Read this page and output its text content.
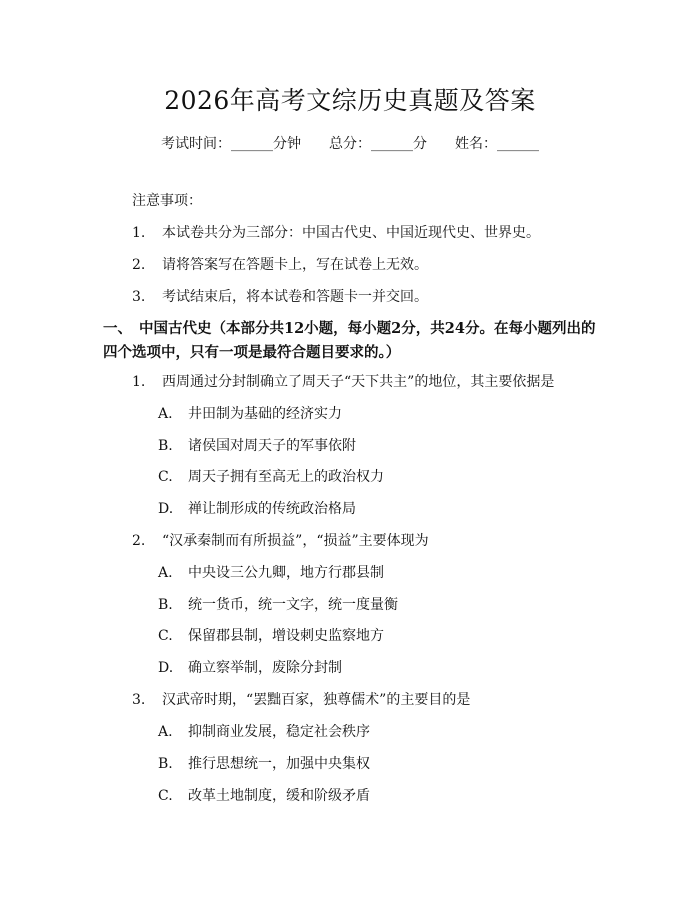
2026年高考文综历史真题及答案
考试时间：______分钟 总分：______分 姓名：______
注意事项：
1. 本试卷共分为三部分：中国古代史、中国近现代史、世界史。
2. 请将答案写在答题卡上，写在试卷上无效。
3. 考试结束后，将本试卷和答题卡一并交回。
一、 中国古代史（本部分共12小题，每小题2分，共24分。在每小题列出的四个选项中，只有一项是最符合题目要求的。）
1. 西周通过分封制确立了周天子“天下共主”的地位，其主要依据是
A. 井田制为基础的经济实力
B. 诸侯国对周天子的军事依附
C. 周天子拥有至高无上的政治权力
D. 禅让制形成的传统政治格局
2. “汉承秦制而有所损益”，“损益”主要体现为
A. 中央设三公九卿，地方行郡县制
B. 统一货币，统一文字，统一度量衡
C. 保留郡县制，增设刺史监察地方
D. 确立察举制，废除分封制
3. 汉武帝时期，“罢黜百家，独尊儒术”的主要目的是
A. 抑制商业发展，稳定社会秩序
B. 推行思想统一，加强中央集权
C. 改革土地制度，缓和阶级矛盾
